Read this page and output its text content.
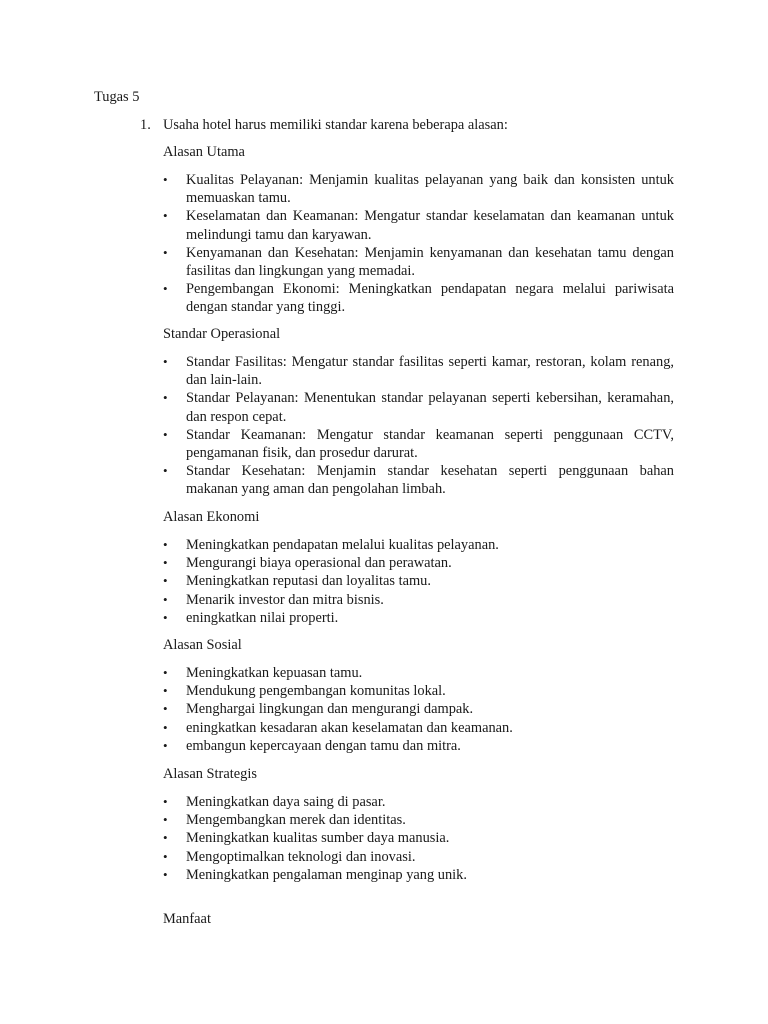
Tugas 5
1. Usaha hotel harus memiliki standar karena beberapa alasan:
Alasan Utama
•	Kualitas Pelayanan: Menjamin kualitas pelayanan yang baik dan konsisten untuk memuaskan tamu.
•	Keselamatan dan Keamanan: Mengatur standar keselamatan dan keamanan untuk melindungi tamu dan karyawan.
•	Kenyamanan dan Kesehatan: Menjamin kenyamanan dan kesehatan tamu dengan fasilitas dan lingkungan yang memadai.
•	Pengembangan Ekonomi: Meningkatkan pendapatan negara melalui pariwisata dengan standar yang tinggi.
Standar Operasional
•	Standar Fasilitas: Mengatur standar fasilitas seperti kamar, restoran, kolam renang, dan lain-lain.
•	Standar Pelayanan: Menentukan standar pelayanan seperti kebersihan, keramahan, dan respon cepat.
•	Standar Keamanan: Mengatur standar keamanan seperti penggunaan CCTV, pengamanan fisik, dan prosedur darurat.
•	Standar Kesehatan: Menjamin standar kesehatan seperti penggunaan bahan makanan yang aman dan pengolahan limbah.
Alasan Ekonomi
•	Meningkatkan pendapatan melalui kualitas pelayanan.
•	Mengurangi biaya operasional dan perawatan.
•	Meningkatkan reputasi dan loyalitas tamu.
•	Menarik investor dan mitra bisnis.
•	eningkatkan nilai properti.
Alasan Sosial
•	Meningkatkan kepuasan tamu.
•	Mendukung pengembangan komunitas lokal.
•	Menghargai lingkungan dan mengurangi dampak.
•	eningkatkan kesadaran akan keselamatan dan keamanan.
•	embangun kepercayaan dengan tamu dan mitra.
Alasan Strategis
•	Meningkatkan daya saing di pasar.
•	Mengembangkan merek dan identitas.
•	Meningkatkan kualitas sumber daya manusia.
•	Mengoptimalkan teknologi dan inovasi.
•	Meningkatkan pengalaman menginap yang unik.
Manfaat
